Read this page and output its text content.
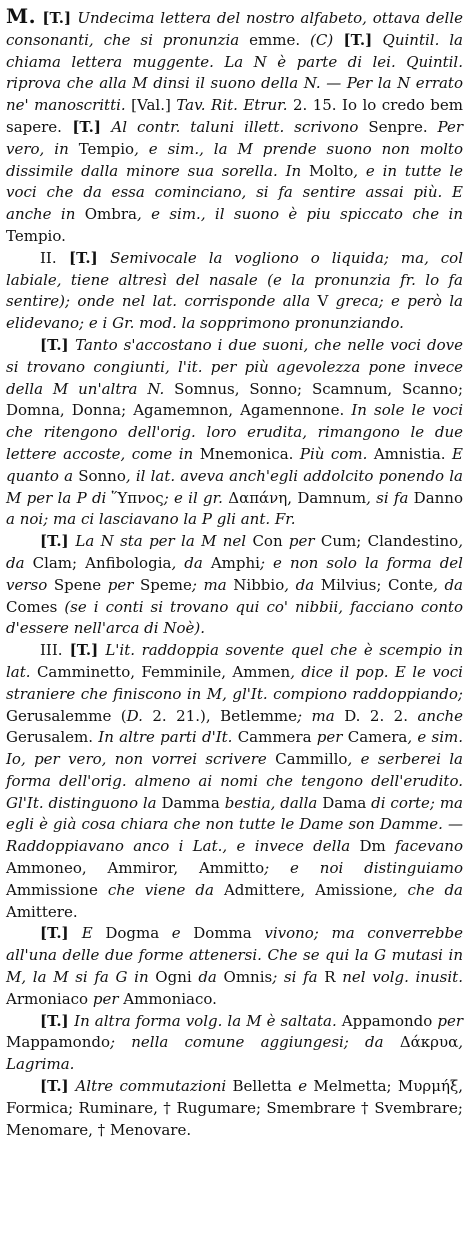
M. [T.] Undecima lettera del nostro alfabeto, ottava delle consonanti, che si pronunzia emme. (C) [T.] Quintil. la chiama lettera muggente. La N è parte di lei. Quintil. riprova che alla M dinsi il suono della N. — Per la N errato ne' manoscritti. [Val.] Tav. Rit. Etrur. 2. 15. Io lo credo bem sapere. [T.] Al contr. taluni illett. scrivono Senpre. Per vero, in Tempio, e sim., la M prende suono non molto dissimile dalla minore sua sorella. In Molto, e in tutte le voci che da essa cominciano, si fa sentire assai più. E anche in Ombra, e sim., il suono è piu spiccato che in Tempio.

II. [T.] Semivocale la vogliono o liquida; ma, col labiale, tiene altresì del nasale (e la pronunzia fr. lo fa sentire); onde nel lat. corrisponde alla V greca; e però la elidevano; e i Gr. mod. la sopprimono pronunziando.

[T.] Tanto s'accostano i due suoni, che nelle voci dove si trovano congiunti, l'it. per più agevolezza pone invece della M un'altra N. Somnus, Sonno; Scamnum, Scanno; Domna, Donna; Agamemnon, Agamennone. In sole le voci che ritengono dell'orig. loro erudita, rimangono le due lettere accoste, come in Mnemonica. Più com. Amnistia. E quanto a Sonno, il lat. aveva anch'egli addolcito ponendo la M per la P di Ὕπνος; e il gr. Δαπάνη, Damnum, si fa Danno a noi; ma ci lasciavano la P gli ant. Fr.

[T.] La N sta per la M nel Con per Cum; Clandestino, da Clam; Anfibologia, da Amphi; e non solo la forma del verso Spene per Speme; ma Nibbio, da Milvius; Conte, da Comes (se i conti si trovano qui co' nibbii, facciano conto d'essere nell'arca di Noè).

III. [T.] L'it. raddoppia sovente quel che è scempio in lat. Camminetto, Femminile, Ammen, dice il pop. E le voci straniere che finiscono in M, gl'It. compiono raddoppiando; Gerusalemme (D. 2. 21.), Betlemme; ma D. 2. 2. anche Gerusalem. In altre parti d'It. Cammera per Camera, e sim. Io, per vero, non vorrei scrivere Cammillo, e serberei la forma dell'orig. almeno ai nomi che tengono dell'erudito. Gl'It. distinguono la Damma bestia, dalla Dama di corte; ma egli è già cosa chiara che non tutte le Dame son Damme. — Raddoppiavano anco i Lat., e invece della Dm facevano Ammoneo, Ammiror, Ammitto; e noi distinguiamo Ammissione che viene da Admittere, Amissione, che da Amittere.

[T.] E Dogma e Domma vivono; ma converrebbe all'una delle due forme attenersi. Che se qui la G mutasi in M, la M si fa G in Ogni da Omnis; si fa R nel volg. inusit. Armoniaco per Ammoniaco.

[T.] In altra forma volg. la M è saltata. Appamondo per Mappamondo; nella comune aggiungesi; da Δάκρυα, Lagrima.

[T.] Altre commutazioni Belletta e Melmetta; Μυρμήξ, Formica; Ruminare, † Rugumare; Smembrare † Svembrare; Menomare, † Menovare.
